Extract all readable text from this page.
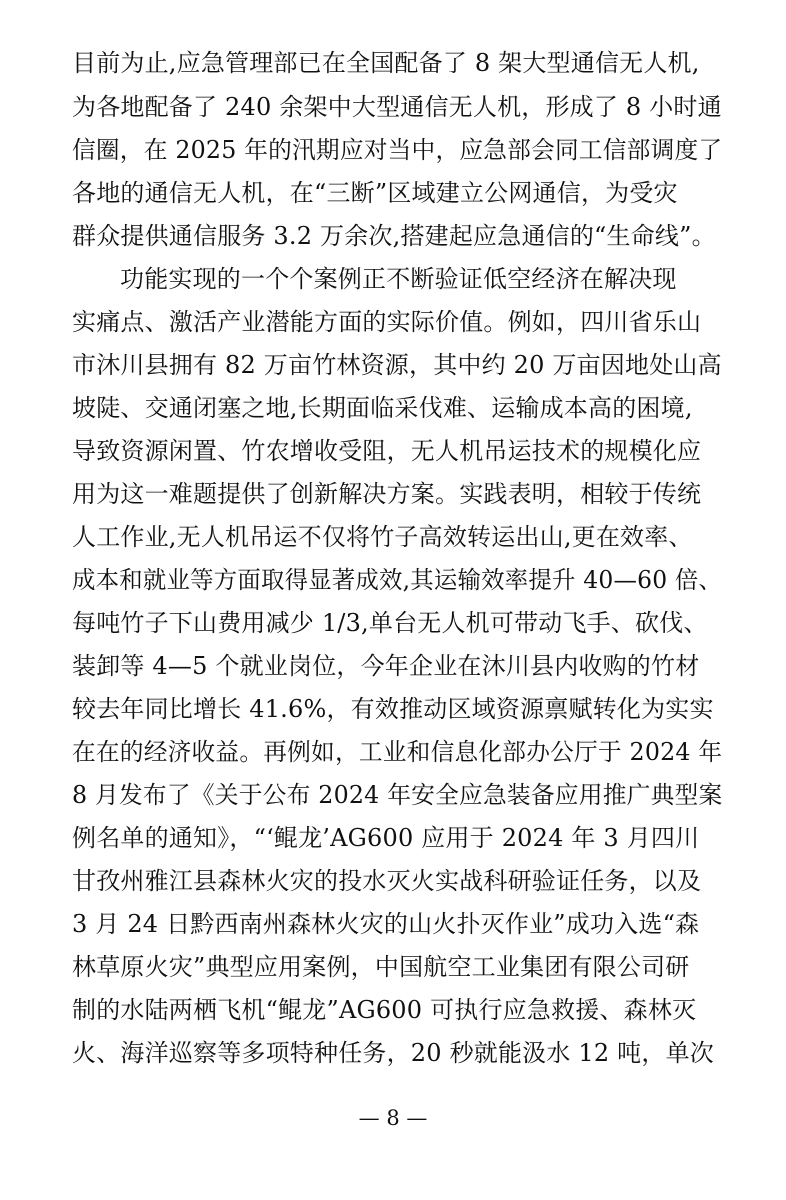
目前为止,应急管理部已在全国配备了 8 架大型通信无人机,
为各地配备了 240 余架中大型通信无人机，形成了 8 小时通
信圈，在 2025 年的汛期应对当中，应急部会同工信部调度了
各地的通信无人机，在“三断”区域建立公网通信，为受灾
群众提供通信服务 3.2 万余次,搭建起应急通信的“生命线”。
功能实现的一个个案例正不断验证低空经济在解决现
实痛点、激活产业潜能方面的实际价值。例如，四川省乐山
市沐川县拥有 82 万亩竹林资源，其中约 20 万亩因地处山高
坡陡、交通闭塞之地,长期面临采伐难、运输成本高的困境,
导致资源闲置、竹农增收受阻，无人机吊运技术的规模化应
用为这一难题提供了创新解决方案。实践表明，相较于传统
人工作业,无人机吊运不仅将竹子高效转运出山,更在效率、
成本和就业等方面取得显著成效,其运输效率提升 40—60 倍、
每吨竹子下山费用减少 1/3,单台无人机可带动飞手、砍伐、
装卸等 4—5 个就业岗位，今年企业在沐川县内收购的竹材
较去年同比增长 41.6%，有效推动区域资源禀赋转化为实实
在在的经济收益。再例如，工业和信息化部办公厅于 2024 年
8 月发布了《关于公布 2024 年安全应急装备应用推广典型案
例名单的通知》，“‘鲲龙’AG600 应用于 2024 年 3 月四川
甘孜州雅江县森林火灾的投水灭火实战科研验证任务，以及
3 月 24 日黔西南州森林火灾的山火扑灭作业”成功入选“森
林草原火灾”典型应用案例，中国航空工业集团有限公司研
制的水陆两栖飞机“鲲龙”AG600 可执行应急救援、森林灭
火、海洋巡察等多项特种任务，20 秒就能汲水 12 吨，单次
— 8 —
